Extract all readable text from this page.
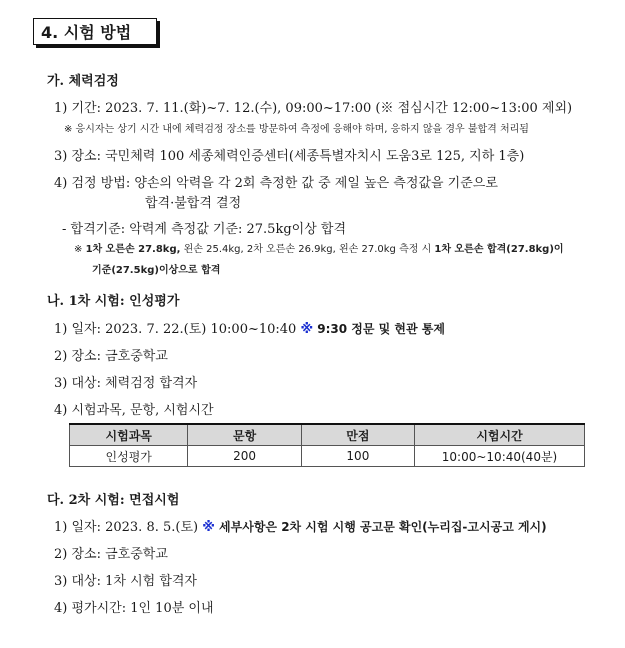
4. 시험 방법
가. 체력검정
1) 기간: 2023. 7. 11.(화)~7. 12.(수), 09:00~17:00 (※ 점심시간 12:00~13:00 제외)
※ 응시자는 상기 시간 내에 체력검정 장소를 방문하여 측정에 응해야 하며, 응하지 않을 경우 불합격 처리됨
3) 장소: 국민체력 100 세종체력인증센터(세종특별자치시 도움3로 125, 지하 1층)
4) 검정 방법: 양손의 악력을 각 2회 측정한 값 중 제일 높은 측정값을 기준으로
합격·불합격 결정
- 합격기준: 악력계 측정값 기준: 27.5kg이상 합격
※ 1차 오른손 27.8kg, 왼손 25.4kg, 2차 오른손 26.9kg, 왼손 27.0kg 측정 시 1차 오른손 합격(27.8kg)이
기준(27.5kg)이상으로 합격
나. 1차 시험: 인성평가
1) 일자: 2023. 7. 22.(토) 10:00~10:40 ※ 9:30 정문 및 현관 통제
2) 장소: 금호중학교
3) 대상: 체력검정 합격자
4) 시험과목, 문항, 시험시간
시험과목	문항	만점	시험시간
인성평가	200	100	10:00~10:40(40분)
다. 2차 시험: 면접시험
1) 일자: 2023. 8. 5.(토) ※ 세부사항은 2차 시험 시행 공고문 확인(누리집-고시공고 게시)
2) 장소: 금호중학교
3) 대상: 1차 시험 합격자
4) 평가시간: 1인 10분 이내
